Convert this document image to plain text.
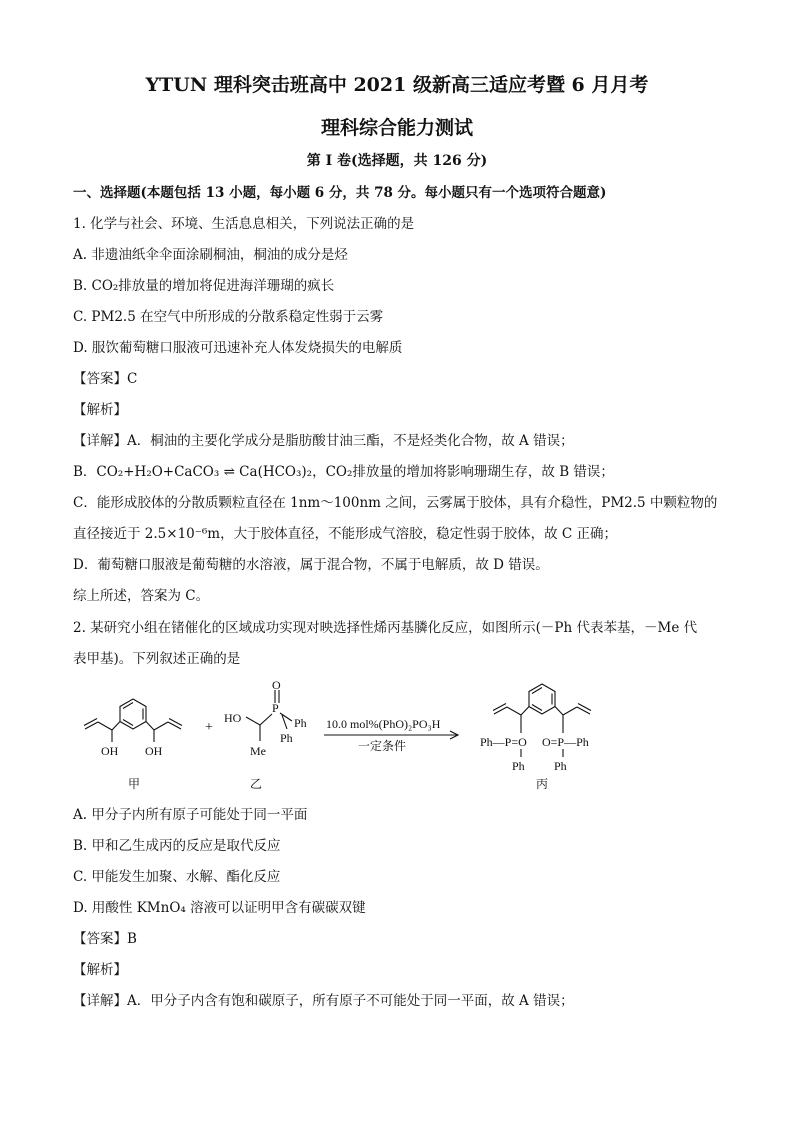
YTUN 理科突击班高中 2021 级新高三适应考暨 6 月月考
理科综合能力测试
第 I 卷(选择题，共 126 分)
一、选择题(本题包括 13 小题，每小题 6 分，共 78 分。每小题只有一个选项符合题意)
1. 化学与社会、环境、生活息息相关，下列说法正确的是
A. 非遗油纸伞伞面涂刷桐油，桐油的成分是烃
B. CO₂排放量的增加将促进海洋珊瑚的疯长
C. PM2.5 在空气中所形成的分散系稳定性弱于云雾
D. 服饮葡萄糖口服液可迅速补充人体发烧损失的电解质
【答案】C
【解析】
【详解】A．桐油的主要化学成分是脂肪酸甘油三酯，不是烃类化合物，故 A 错误；
B．CO₂+H₂O+CaCO₃ ⇌ Ca(HCO₃)₂，CO₂排放量的增加将影响珊瑚生存，故 B 错误；
C．能形成胶体的分散质颗粒直径在 1nm～100nm 之间，云雾属于胶体，具有介稳性，PM2.5 中颗粒物的
直径接近于 2.5×10⁻⁶m，大于胶体直径，不能形成气溶胶，稳定性弱于胶体，故 C 正确；
D．葡萄糖口服液是葡萄糖的水溶液，属于混合物，不属于电解质，故 D 错误。
综上所述，答案为 C。
2. 某研究小组在锗催化的区域成功实现对映选择性烯丙基膦化反应，如图所示(－Ph 代表苯基，－Me 代
表甲基)。下列叙述正确的是
OH OH
+
HO
P
O
Ph
Ph
Me
10.0 mol%(PhO)₂PO₃H
一定条件	Ph—P=O O=P—Ph
Ph Ph
甲	乙	丙
A. 甲分子内所有原子可能处于同一平面
B. 甲和乙生成丙的反应是取代反应
C. 甲能发生加聚、水解、酯化反应
D. 用酸性 KMnO₄ 溶液可以证明甲含有碳碳双键
【答案】B
【解析】
【详解】A．甲分子内含有饱和碳原子，所有原子不可能处于同一平面，故 A 错误；
